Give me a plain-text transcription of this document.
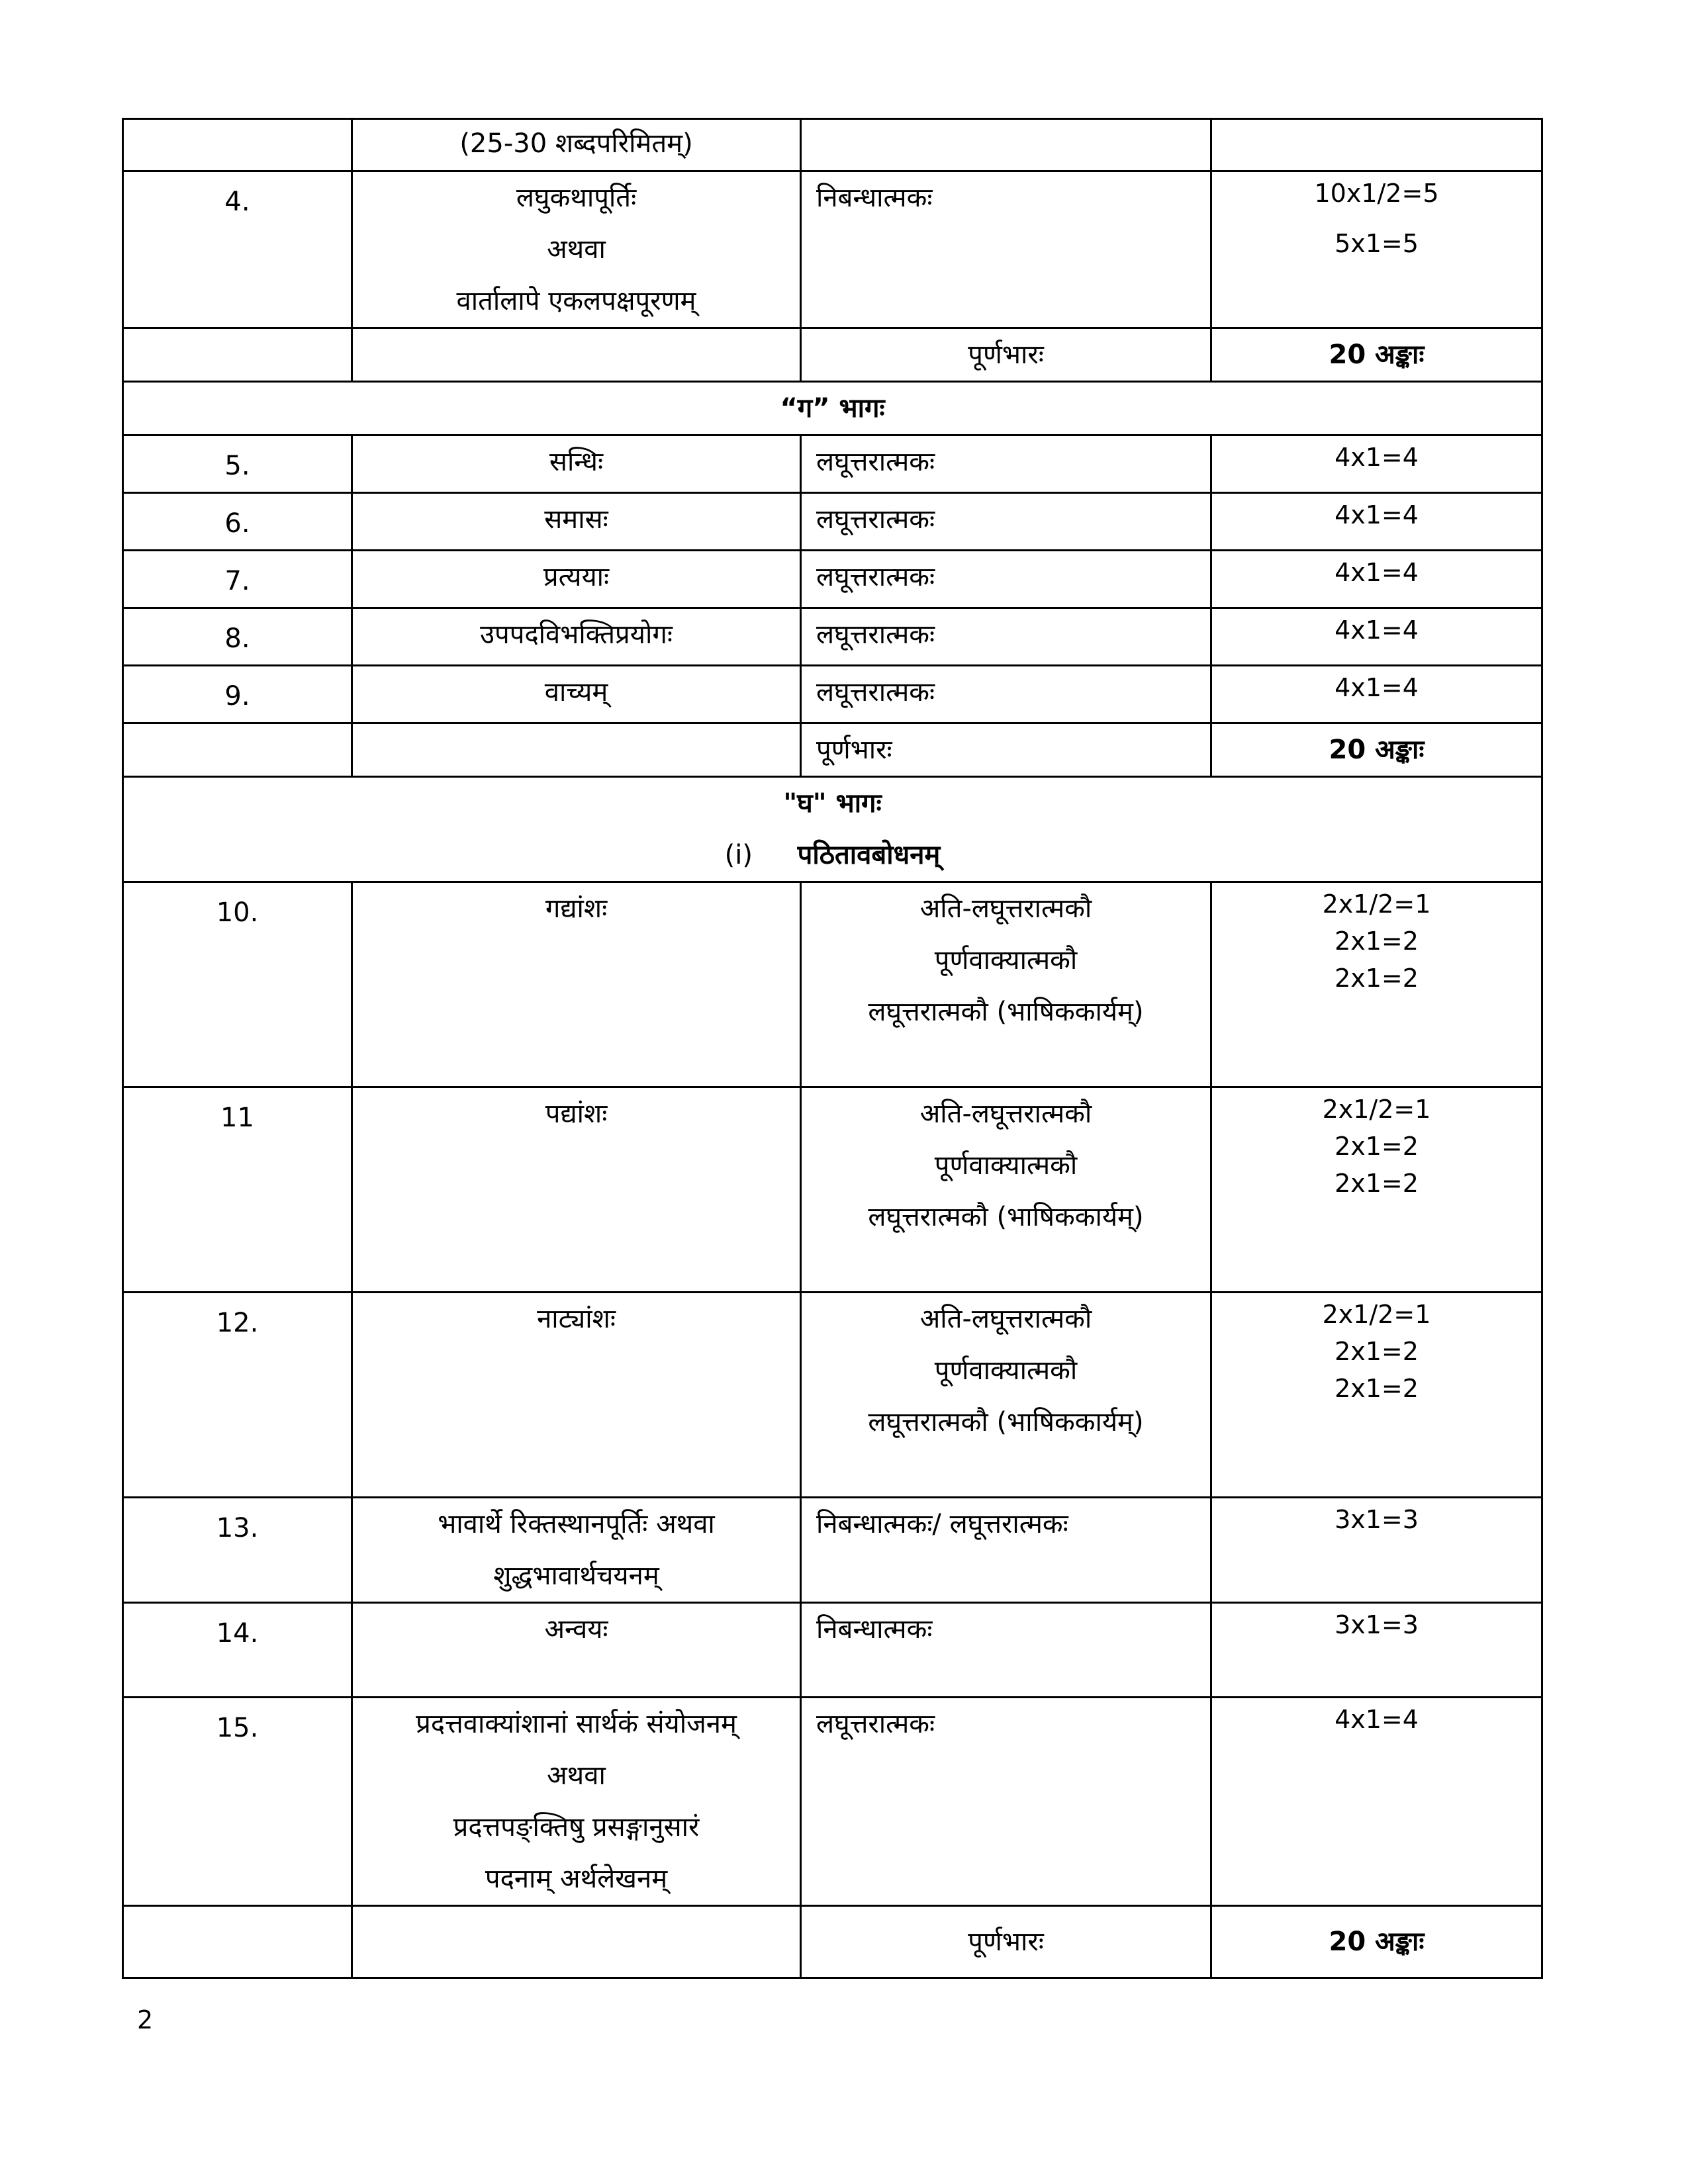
	(25-30 शब्दपरिमितम्)		
4.	लघुकथापूर्तिः
अथवा
वार्तालापे एकलपक्षपूरणम्	निबन्धात्मकः	10x1/2=5
5x1=5

		पूर्णभारः	20 अङ्काः
“ग” भागः			
5.	सन्धिः	लघूत्तरात्मकः	4x1=4
6.	समासः	लघूत्तरात्मकः	4x1=4
7.	प्रत्ययाः	लघूत्तरात्मकः	4x1=4
8.	उपपदविभक्तिप्रयोगः	लघूत्तरात्मकः	4x1=4
9.	वाच्यम्	लघूत्तरात्मकः	4x1=4
		पूर्णभारः	20 अङ्काः

"घ" भागः
(i) पठितावबोधनम्			

10.	गद्यांशः	अति-लघूत्तरात्मकौ
पूर्णवाक्यात्मकौ
लघूत्तरात्मकौ (भाषिककार्यम्)	2x1/2=1
2x1=2
2x1=2

11	पद्यांशः	अति-लघूत्तरात्मकौ
पूर्णवाक्यात्मकौ
लघूत्तरात्मकौ (भाषिककार्यम्)	2x1/2=1
2x1=2
2x1=2

12.	नाट्यांशः	अति-लघूत्तरात्मकौ
पूर्णवाक्यात्मकौ
लघूत्तरात्मकौ (भाषिककार्यम्)	2x1/2=1
2x1=2
2x1=2

13.	भावार्थे रिक्तस्थानपूर्तिः अथवा
शुद्धभावार्थचयनम्	निबन्धात्मकः/ लघूत्तरात्मकः	3x1=3
14.	अन्वयः	निबन्धात्मकः	3x1=3
15.	प्रदत्तवाक्यांशानां सार्थकं संयोजनम्
अथवा
प्रदत्तपङ्क्तिषु प्रसङ्गानुसारं
पदनाम् अर्थलेखनम्	लघूत्तरात्मकः	4x1=4
		पूर्णभारः	20 अङ्काः
2
